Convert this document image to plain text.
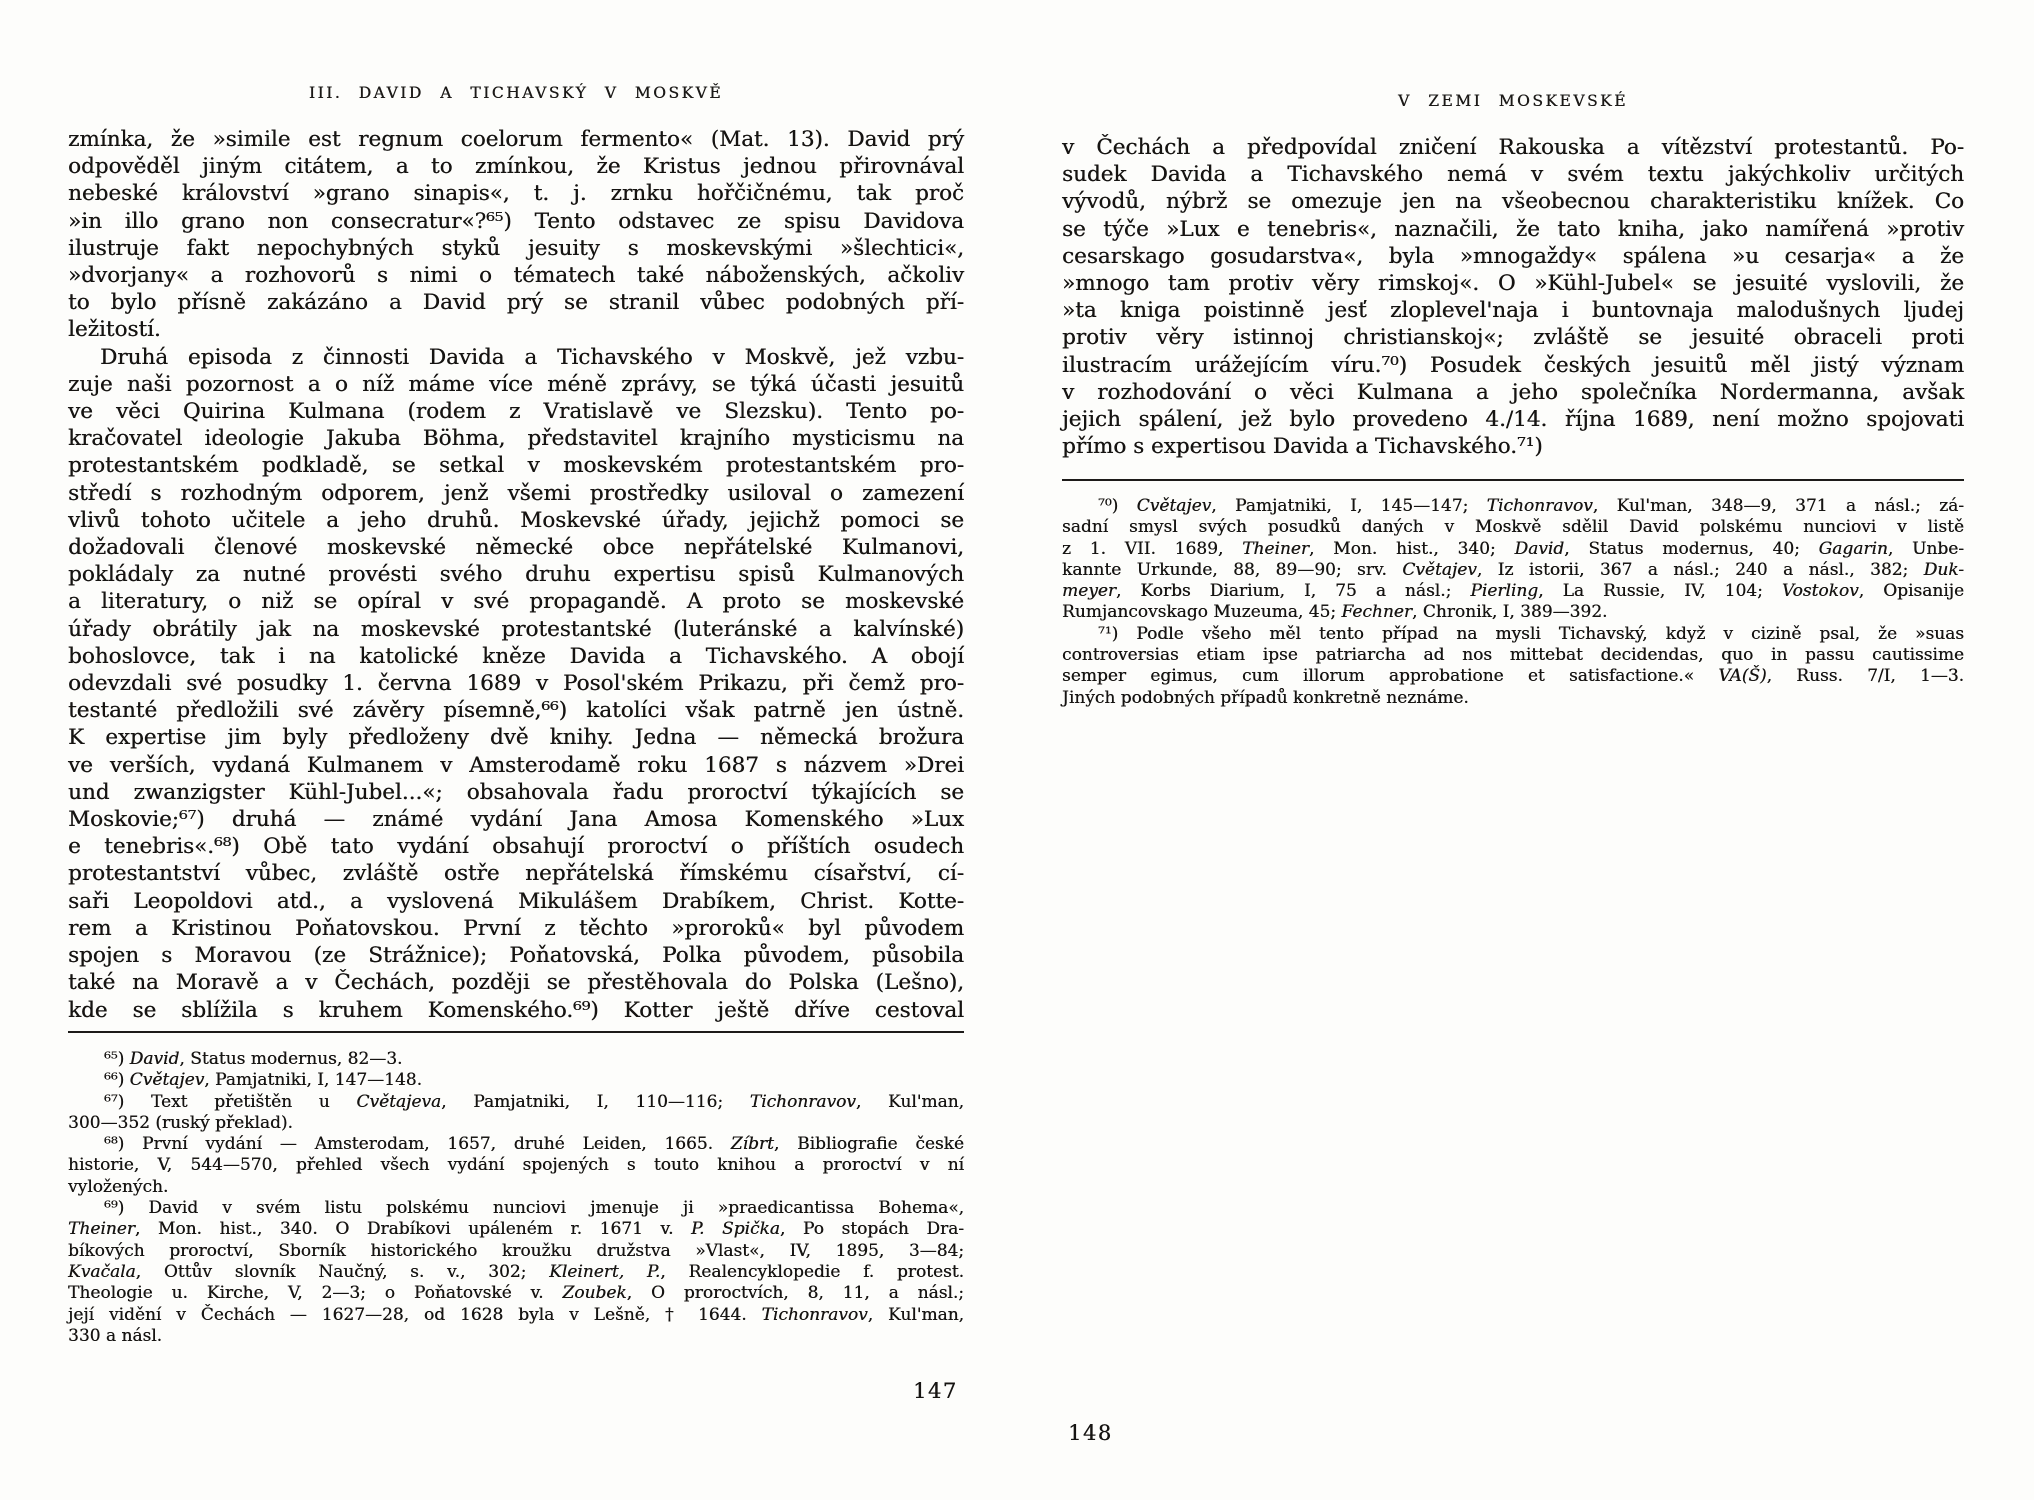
III. DAVID A TICHAVSKÝ V MOSKVĚ
zmínka, že »simile est regnum coelorum fermento« (Mat. 13). David prý
odpověděl jiným citátem, a to zmínkou, že Kristus jednou přirovnával
nebeské království »grano sinapis«, t. j. zrnku hořčičnému, tak proč
»in illo grano non consecratur«?⁶⁵) Tento odstavec ze spisu Davidova
ilustruje fakt nepochybných styků jesuity s moskevskými »šlechtici«,
»dvorjany« a rozhovorů s nimi o tématech také náboženských, ačkoliv
to bylo přísně zakázáno a David prý se stranil vůbec podobných pří-
ležitostí.
Druhá episoda z činnosti Davida a Tichavského v Moskvě, jež vzbu-
zuje naši pozornost a o níž máme více méně zprávy, se týká účasti jesuitů
ve věci Quirina Kulmana (rodem z Vratislavě ve Slezsku). Tento po-
kračovatel ideologie Jakuba Böhma, představitel krajního mysticismu na
protestantském podkladě, se setkal v moskevském protestantském pro-
středí s rozhodným odporem, jenž všemi prostředky usiloval o zamezení
vlivů tohoto učitele a jeho druhů. Moskevské úřady, jejichž pomoci se
dožadovali členové moskevské německé obce nepřátelské Kulmanovi,
pokládaly za nutné provésti svého druhu expertisu spisů Kulmanových
a literatury, o niž se opíral v své propagandě. A proto se moskevské
úřady obrátily jak na moskevské protestantské (luteránské a kalvínské)
bohoslovce, tak i na katolické kněze Davida a Tichavského. A obojí
odevzdali své posudky 1. června 1689 v Posol'ském Prikazu, při čemž pro-
testanté předložili své závěry písemně,⁶⁶) katolíci však patrně jen ústně.
K expertise jim byly předloženy dvě knihy. Jedna — německá brožura
ve verších, vydaná Kulmanem v Amsterodamě roku 1687 s názvem »Drei
und zwanzigster Kühl-Jubel...«; obsahovala řadu proroctví týkajících se
Moskovie;⁶⁷) druhá — známé vydání Jana Amosa Komenského »Lux
e tenebris«.⁶⁸) Obě tato vydání obsahují proroctví o příštích osudech
protestantství vůbec, zvláště ostře nepřátelská římskému císařství, cí-
saři Leopoldovi atd., a vyslovená Mikulášem Drabíkem, Christ. Kotte-
rem a Kristinou Poňatovskou. První z těchto »proroků« byl původem
spojen s Moravou (ze Strážnice); Poňatovská, Polka původem, působila
také na Moravě a v Čechách, později se přestěhovala do Polska (Lešno),
kde se sblížila s kruhem Komenského.⁶⁹) Kotter ještě dříve cestoval
⁶⁵) David, Status modernus, 82—3.
⁶⁶) Cvětajev, Pamjatniki, I, 147—148.
⁶⁷) Text přetištěn u Cvětajeva, Pamjatniki, I, 110—116; Tichonravov, Kul'man,
300—352 (ruský překlad).
⁶⁸) První vydání — Amsterodam, 1657, druhé Leiden, 1665. Zíbrt, Bibliografie české
historie, V, 544—570, přehled všech vydání spojených s touto knihou a proroctví v ní
vyložených.
⁶⁹) David v svém listu polskému nunciovi jmenuje ji »praedicantissa Bohema«,
Theiner, Mon. hist., 340. O Drabíkovi upáleném r. 1671 v. P. Spička, Po stopách Dra-
bíkových proroctví, Sborník historického kroužku družstva »Vlast«, IV, 1895, 3—84;
Kvačala, Ottův slovník Naučný, s. v., 302; Kleinert, P., Realencyklopedie f. protest.
Theologie u. Kirche, V, 2—3; o Poňatovské v. Zoubek, O proroctvích, 8, 11, a násl.;
její vidění v Čechách — 1627—28, od 1628 byla v Lešně, † 1644. Tichonravov, Kul'man,
330 a násl.
147
V ZEMI MOSKEVSKÉ
v Čechách a předpovídal zničení Rakouska a vítězství protestantů. Po-
sudek Davida a Tichavského nemá v svém textu jakýchkoliv určitých
vývodů, nýbrž se omezuje jen na všeobecnou charakteristiku knížek. Co
se týče »Lux e tenebris«, naznačili, že tato kniha, jako namířená »protiv
cesarskago gosudarstva«, byla »mnogaždy« spálena »u cesarja« a že
»mnogo tam protiv věry rimskoj«. O »Kühl-Jubel« se jesuité vyslovili, že
»ta kniga poistinně jesť zloplevel'naja i buntovnaja malodušnych ljudej
protiv věry istinnoj christianskoj«; zvláště se jesuité obraceli proti
ilustracím urážejícím víru.⁷⁰) Posudek českých jesuitů měl jistý význam
v rozhodování o věci Kulmana a jeho společníka Nordermanna, avšak
jejich spálení, jež bylo provedeno 4./14. října 1689, není možno spojovati
přímo s expertisou Davida a Tichavského.⁷¹)
⁷⁰) Cvětajev, Pamjatniki, I, 145—147; Tichonravov, Kul'man, 348—9, 371 a násl.; zá-
sadní smysl svých posudků daných v Moskvě sdělil David polskému nunciovi v listě
z 1. VII. 1689, Theiner, Mon. hist., 340; David, Status modernus, 40; Gagarin, Unbe-
kannte Urkunde, 88, 89—90; srv. Cvětajev, Iz istorii, 367 a násl.; 240 a násl., 382; Duk-
meyer, Korbs Diarium, I, 75 a násl.; Pierling, La Russie, IV, 104; Vostokov, Opisanije
Rumjancovskago Muzeuma, 45; Fechner, Chronik, I, 389—392.
⁷¹) Podle všeho měl tento případ na mysli Tichavský, když v cizině psal, že »suas
controversias etiam ipse patriarcha ad nos mittebat decidendas, quo in passu cautissime
semper egimus, cum illorum approbatione et satisfactione.« VA(Š), Russ. 7/I, 1—3.
Jiných podobných případů konkretně neznáme.
148
